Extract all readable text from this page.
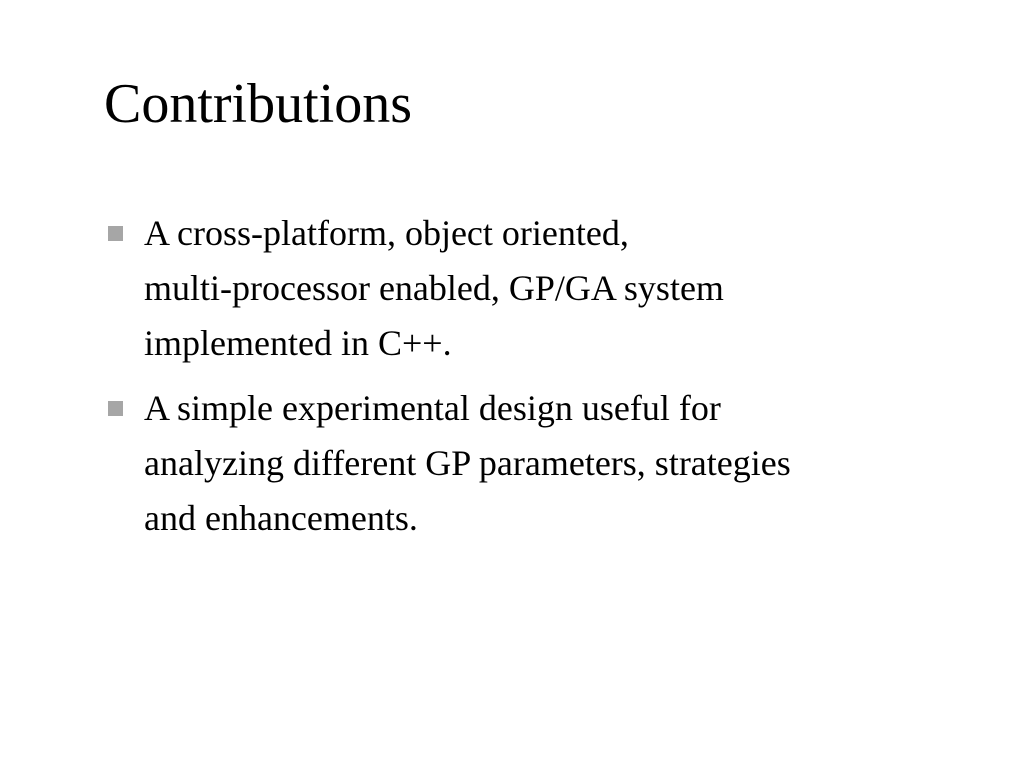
Contributions
A cross-platform, object oriented,
multi-processor enabled, GP/GA system
implemented in C++.
A simple experimental design useful for
analyzing different GP parameters, strategies
and enhancements.
